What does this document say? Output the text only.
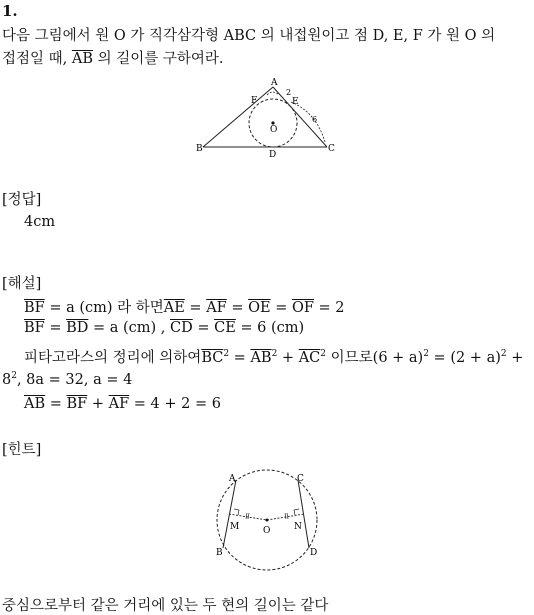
1.
다음 그림에서 원 O 가 직각삼각형 ABC 의 내접원이고 점 D, E, F 가 원 O 의
접점일 때, $\overline{AB}$ 의 길이를 구하여라.
A
B	C
D
E
F
O
2
6
[정답]
4cm
[해설]
$\overline{BF} = a$ (cm) 라 하면$\overline{AE} = \overline{AF} = \overline{OE} = \overline{OF} = 2$
$\overline{BF} = \overline{BD} = a$ (cm) , $\overline{CD} = \overline{CE} = 6$ (cm)
피타고라스의 정리에 의하여$\overline{BC}^2 = \overline{AB}^2 + \overline{AC}^2$ 이므로$(6 + a)^2 = (2 + a)^2$ +
$8^2$, 8a = 32, a = 4
$\overline{AB} = \overline{BF} + \overline{AF} = 4 + 2 = 6$
[힌트]
A
B
C
D
M	N
O
중심으로부터 같은 거리에 있는 두 현의 길이는 같다
